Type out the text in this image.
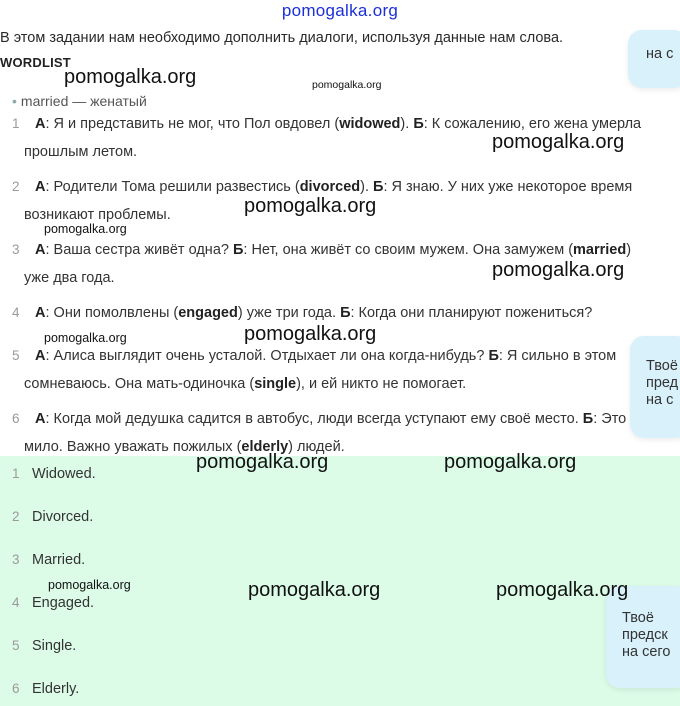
pomogalka.org
В этом задании нам необходимо дополнить диалоги, используя данные нам слова.
WORDLIST
• married — женатый
1	А: Я и представить не мог, что Пол овдовел (widowed). Б: К сожалению, его жена умерла прошлым летом.
2	А: Родители Тома решили развестись (divorced). Б: Я знаю. У них уже некоторое время возникают проблемы.
3	А: Ваша сестра живёт одна? Б: Нет, она живёт со своим мужем. Она замужем (married) уже два года.
4	А: Они помолвлены (engaged) уже три года. Б: Когда они планируют пожениться?
5	А: Алиса выглядит очень усталой. Отдыхает ли она когда-нибудь? Б: Я сильно в этом сомневаюсь. Она мать-одиночка (single), и ей никто не помогает.
6	А: Когда мой дедушка садится в автобус, люди всегда уступают ему своё место. Б: Это мило. Важно уважать пожилых (elderly) людей.
1 Widowed.
2 Divorced.
3 Married.
4 Engaged.
5 Single.
6 Elderly.
на с
Твоё
пред
на с
Твоё
предск
на сего
pomogalka.org	pomogalka.org
pomogalka.org
pomogalka.org
pomogalka.org
pomogalka.org
pomogalka.org	pomogalka.org
pomogalka.org	pomogalka.org
pomogalka.org	pomogalka.org	pomogalka.org
